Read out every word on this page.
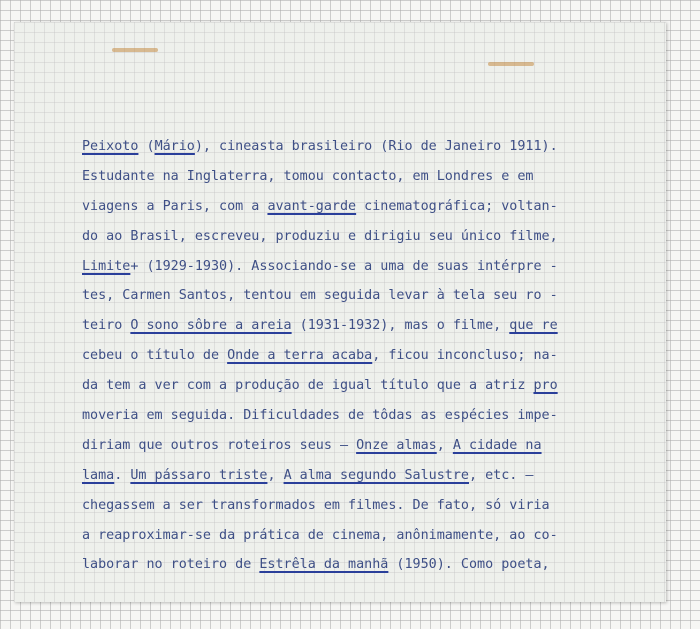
Peixoto (Mário), cineasta brasileiro (Rio de Janeiro 1911).
Estudante na Inglaterra, tomou contacto, em Londres e em
viagens a Paris, com a avant-garde cinematográfica; voltan-
do ao Brasil, escreveu, produziu e dirigiu seu único filme,
Limite+ (1929-1930). Associando-se a uma de suas intérpre -
tes, Carmen Santos, tentou em seguida levar à tela seu ro -
teiro O sono sôbre a areia (1931-1932), mas o filme, que re
cebeu o título de Onde a terra acaba, ficou inconcluso; na-
da tem a ver com a produção de igual título que a atriz pro
moveria em seguida. Dificuldades de tôdas as espécies impe-
diriam que outros roteiros seus — Onze almas, A cidade na
lama. Um pássaro triste, A alma segundo Salustre, etc. —
chegassem a ser transformados em filmes. De fato, só viria
a reaproximar-se da prática de cinema, anônimamente, ao co-
laborar no roteiro de Estrêla da manhã (1950). Como poeta,
